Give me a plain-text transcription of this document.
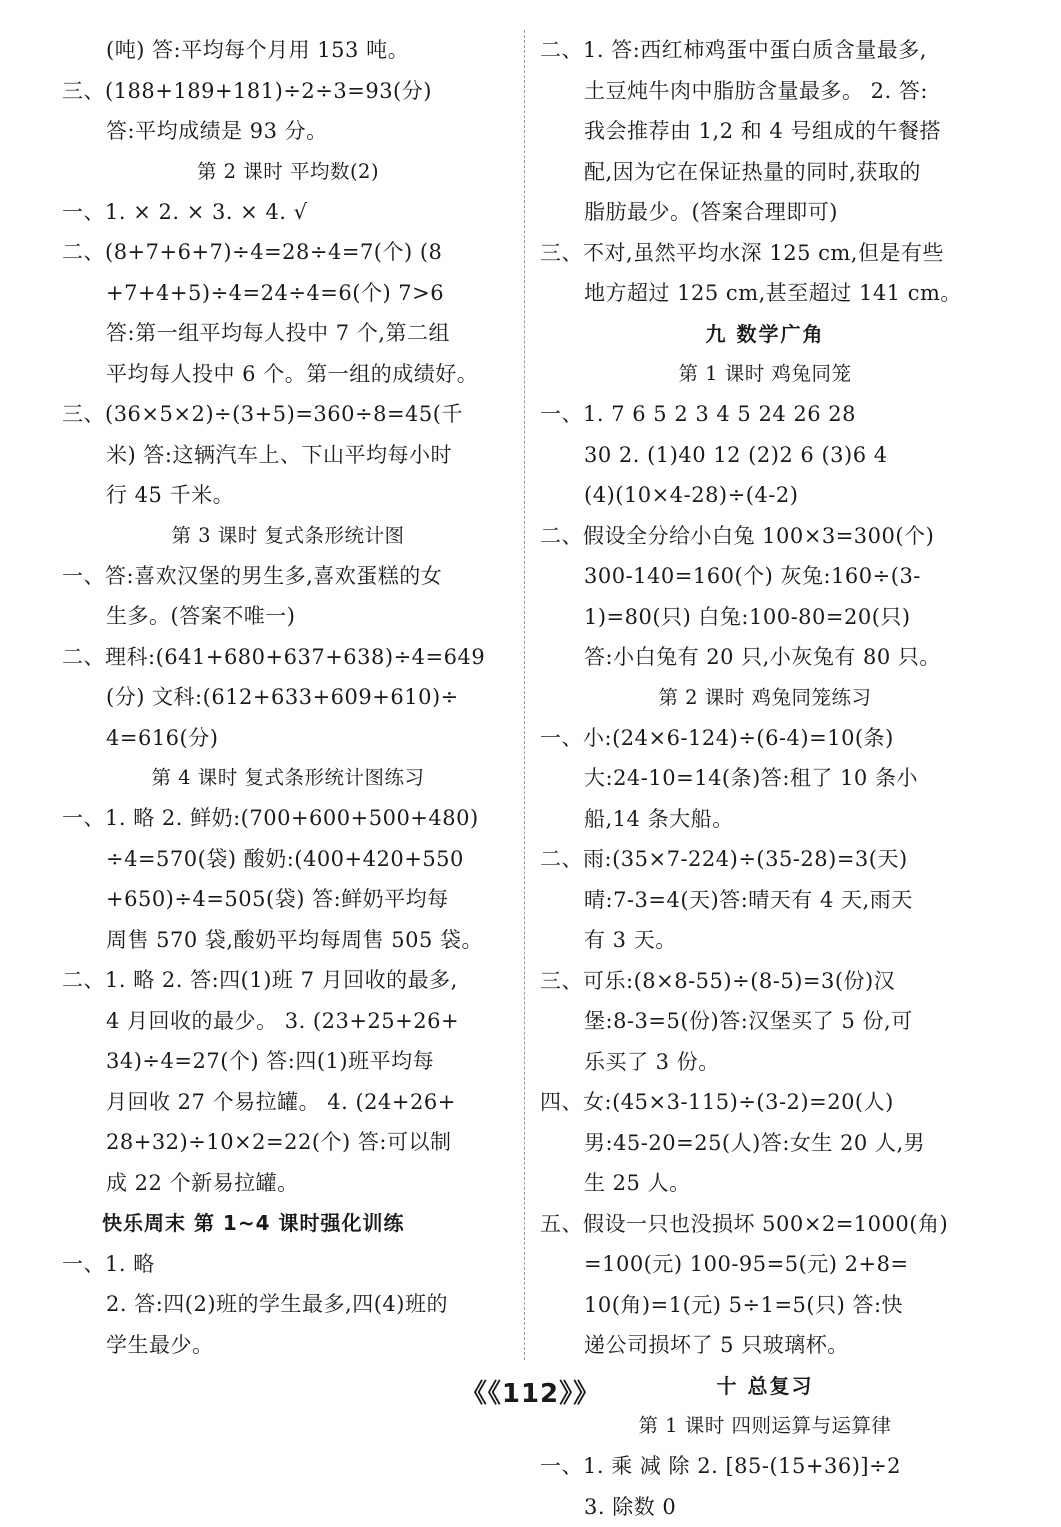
(吨) 答:平均每个月用 153 吨。
三、(188+189+181)÷2÷3=93(分)
答:平均成绩是 93 分。
第 2 课时 平均数(2)
一、1. × 2. × 3. × 4. √
二、(8+7+6+7)÷4=28÷4=7(个) (8
+7+4+5)÷4=24÷4=6(个) 7>6
答:第一组平均每人投中 7 个,第二组
平均每人投中 6 个。第一组的成绩好。
三、(36×5×2)÷(3+5)=360÷8=45(千
米) 答:这辆汽车上、下山平均每小时
行 45 千米。
第 3 课时 复式条形统计图
一、答:喜欢汉堡的男生多,喜欢蛋糕的女
生多。(答案不唯一)
二、理科:(641+680+637+638)÷4=649
(分) 文科:(612+633+609+610)÷
4=616(分)
第 4 课时 复式条形统计图练习
一、1. 略 2. 鲜奶:(700+600+500+480)
÷4=570(袋) 酸奶:(400+420+550
+650)÷4=505(袋) 答:鲜奶平均每
周售 570 袋,酸奶平均每周售 505 袋。
二、1. 略 2. 答:四(1)班 7 月回收的最多,
4 月回收的最少。 3. (23+25+26+
34)÷4=27(个) 答:四(1)班平均每
月回收 27 个易拉罐。 4. (24+26+
28+32)÷10×2=22(个) 答:可以制
成 22 个新易拉罐。
快乐周末 第 1~4 课时强化训练
一、1. 略
2. 答:四(2)班的学生最多,四(4)班的
学生最少。
二、1. 答:西红柿鸡蛋中蛋白质含量最多,
土豆炖牛肉中脂肪含量最多。 2. 答:
我会推荐由 1,2 和 4 号组成的午餐搭
配,因为它在保证热量的同时,获取的
脂肪最少。(答案合理即可)
三、不对,虽然平均水深 125 cm,但是有些
地方超过 125 cm,甚至超过 141 cm。
九 数学广角
第 1 课时 鸡兔同笼
一、1. 7 6 5 2 3 4 5 24 26 28
30 2. (1)40 12 (2)2 6 (3)6 4
(4)(10×4-28)÷(4-2)
二、假设全分给小白兔 100×3=300(个)
300-140=160(个) 灰兔:160÷(3-
1)=80(只) 白兔:100-80=20(只)
答:小白兔有 20 只,小灰兔有 80 只。
第 2 课时 鸡兔同笼练习
一、小:(24×6-124)÷(6-4)=10(条)
大:24-10=14(条)答:租了 10 条小
船,14 条大船。
二、雨:(35×7-224)÷(35-28)=3(天)
晴:7-3=4(天)答:晴天有 4 天,雨天
有 3 天。
三、可乐:(8×8-55)÷(8-5)=3(份)汉
堡:8-3=5(份)答:汉堡买了 5 份,可
乐买了 3 份。
四、女:(45×3-115)÷(3-2)=20(人)
男:45-20=25(人)答:女生 20 人,男
生 25 人。
五、假设一只也没损坏 500×2=1000(角)
=100(元) 100-95=5(元) 2+8=
10(角)=1(元) 5÷1=5(只) 答:快
递公司损坏了 5 只玻璃杯。
十 总复习
第 1 课时 四则运算与运算律
一、1. 乘 减 除 2. [85-(15+36)]÷2
3. 除数 0
《《112》》
